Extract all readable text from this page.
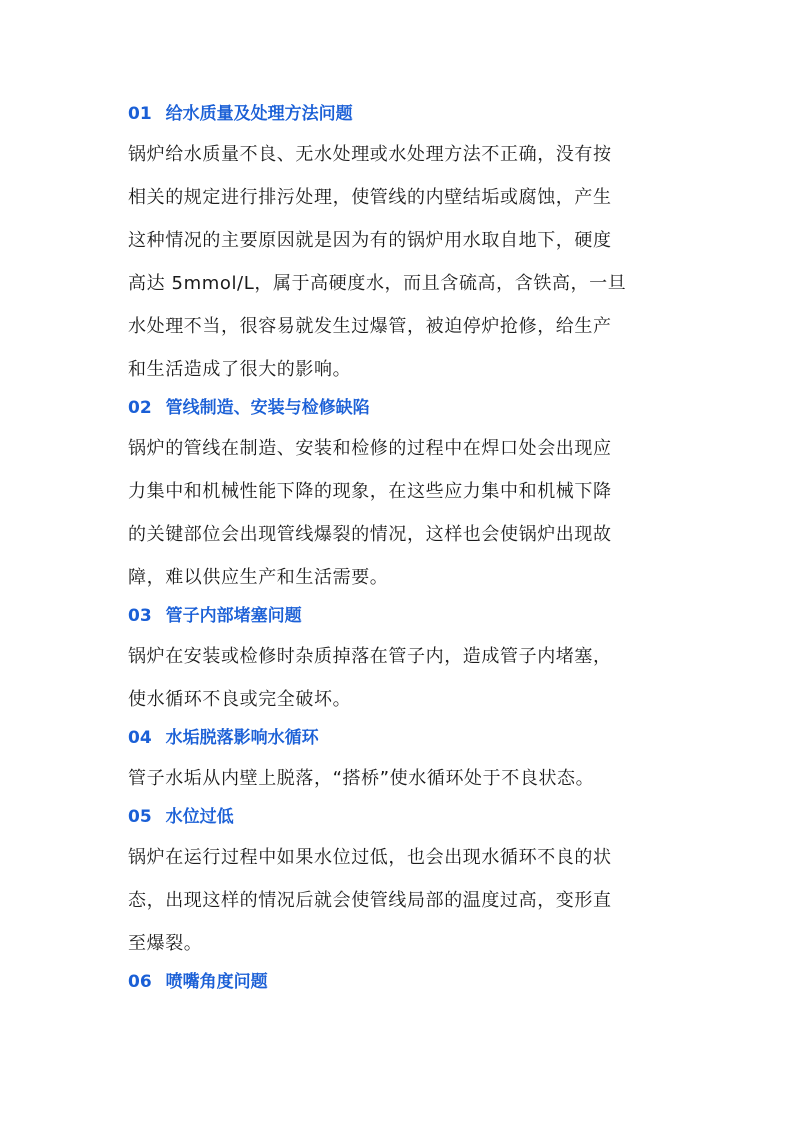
01 给水质量及处理方法问题
锅炉给水质量不良、无水处理或水处理方法不正确，没有按
相关的规定进行排污处理，使管线的内壁结垢或腐蚀，产生
这种情况的主要原因就是因为有的锅炉用水取自地下，硬度
高达 5mmol/L，属于高硬度水，而且含硫高，含铁高，一旦
水处理不当，很容易就发生过爆管，被迫停炉抢修，给生产
和生活造成了很大的影响。
02 管线制造、安装与检修缺陷
锅炉的管线在制造、安装和检修的过程中在焊口处会出现应
力集中和机械性能下降的现象，在这些应力集中和机械下降
的关键部位会出现管线爆裂的情况，这样也会使锅炉出现故
障，难以供应生产和生活需要。
03 管子内部堵塞问题
锅炉在安装或检修时杂质掉落在管子内，造成管子内堵塞，
使水循环不良或完全破坏。
04 水垢脱落影响水循环
管子水垢从内壁上脱落，“搭桥”使水循环处于不良状态。
05 水位过低
锅炉在运行过程中如果水位过低，也会出现水循环不良的状
态，出现这样的情况后就会使管线局部的温度过高，变形直
至爆裂。
06 喷嘴角度问题
